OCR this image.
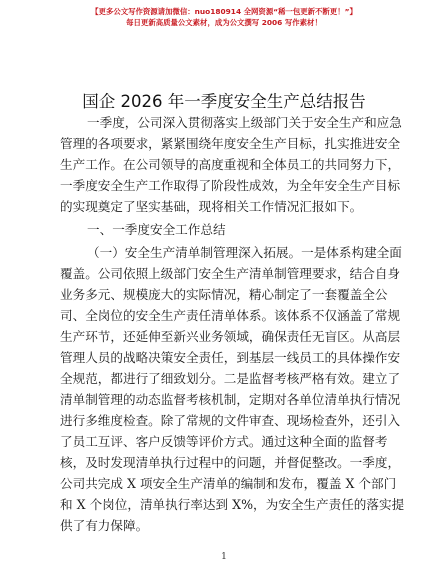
【更多公文写作资源请加微信：nuo180914 全网资源“稀一包更新不断更！”】
每日更新高质量公文素材，成为公文撰写 2006 写作素材！
国企 2026 年一季度安全生产总结报告
一季度，公司深入贯彻落实上级部门关于安全生产和应急
管理的各项要求，紧紧围绕年度安全生产目标，扎实推进安全
生产工作。在公司领导的高度重视和全体员工的共同努力下，
一季度安全生产工作取得了阶段性成效，为全年安全生产目标
的实现奠定了坚实基础，现将相关工作情况汇报如下。
一、一季度安全工作总结
（一）安全生产清单制管理深入拓展。一是体系构建全面
覆盖。公司依照上级部门安全生产清单制管理要求，结合自身
业务多元、规模庞大的实际情况，精心制定了一套覆盖全公
司、全岗位的安全生产责任清单体系。该体系不仅涵盖了常规
生产环节，还延伸至新兴业务领域，确保责任无盲区。从高层
管理人员的战略决策安全责任，到基层一线员工的具体操作安
全规范，都进行了细致划分。二是监督考核严格有效。建立了
清单制管理的动态监督考核机制，定期对各单位清单执行情况
进行多维度检查。除了常规的文件审查、现场检查外，还引入
了员工互评、客户反馈等评价方式。通过这种全面的监督考
核，及时发现清单执行过程中的问题，并督促整改。一季度，
公司共完成 X 项安全生产清单的编制和发布，覆盖 X 个部门
和 X 个岗位，清单执行率达到 X%，为安全生产责任的落实提
供了有力保障。
1
